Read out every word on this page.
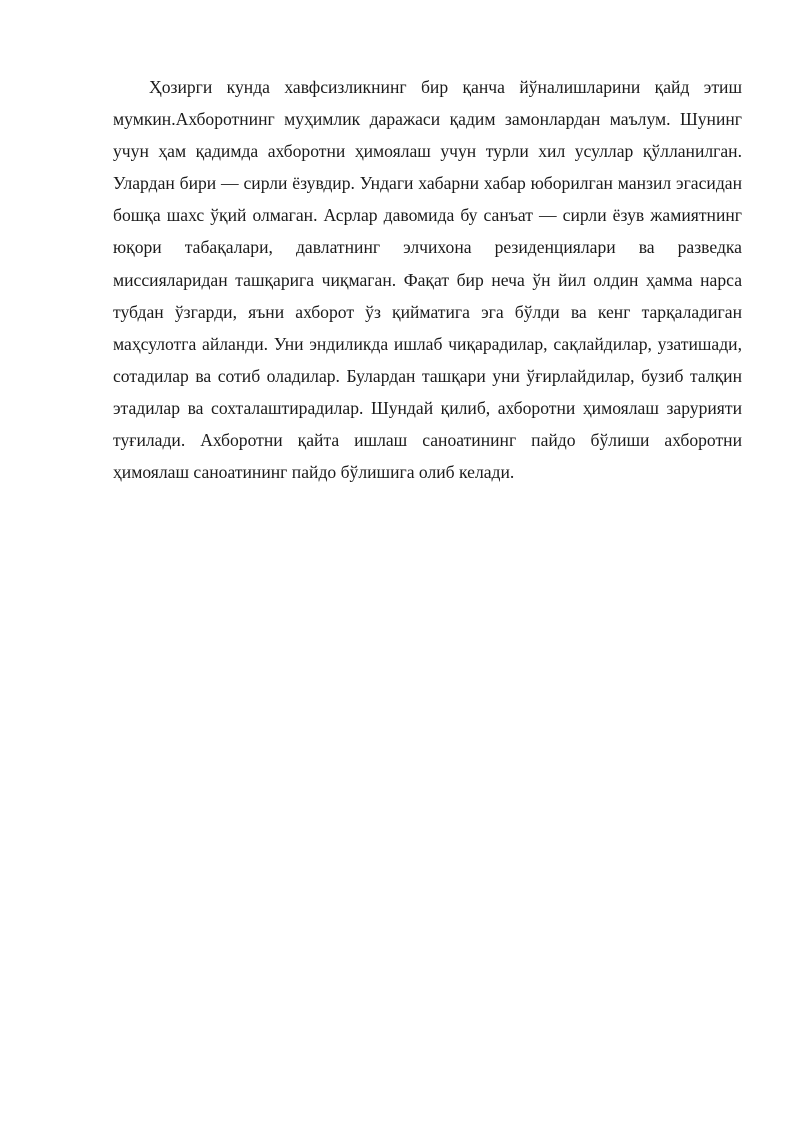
Ҳозирги кунда хавфсизликнинг бир қанча йўналишларини қайд этиш мумкин.Ахборотнинг муҳимлик даражаси қадим замонлардан маълум. Шунинг учун ҳам қадимда ахборотни ҳимоялаш учун турли хил усуллар қўлланилган. Улардан бири — сирли ёзувдир. Ундаги хабарни хабар юборилган манзил эгасидан бошқа шахс ўқий олмаган. Асрлар давомида бу санъат — сирли ёзув жамиятнинг юқори табақалари, давлатнинг элчихона резиденциялари ва разведка миссияларидан ташқарига чиқмаган. Фақат бир неча ўн йил олдин ҳамма нарса тубдан ўзгарди, яъни ахборот ўз қийматига эга бўлди ва кенг тарқаладиган маҳсулотга айланди. Уни эндиликда ишлаб чиқарадилар, сақлайдилар, узатишади, сотадилар ва сотиб оладилар. Булардан ташқари уни ўғирлайдилар, бузиб талқин этадилар ва сохталаштирадилар. Шундай қилиб, ахборотни ҳимоялаш зарурияти туғилади. Ахборотни қайта ишлаш саноатининг пайдо бўлиши ахборотни ҳимоялаш саноатининг пайдо бўлишига олиб келади.
